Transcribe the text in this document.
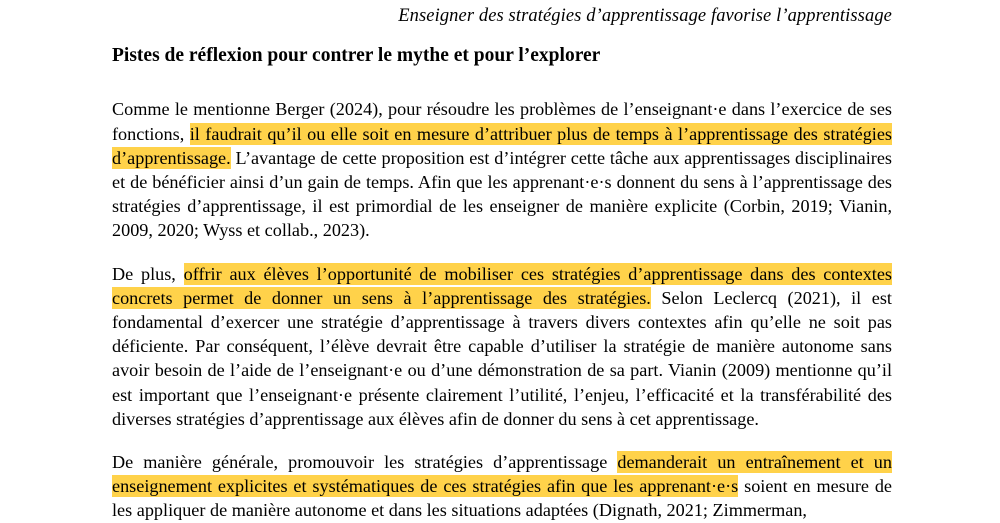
Enseigner des stratégies d’apprentissage favorise l’apprentissage
Pistes de réflexion pour contrer le mythe et pour l’explorer

Comme le mentionne Berger (2024), pour résoudre les problèmes de l’enseignant·e dans l’exercice de ses fonctions, il faudrait qu’il ou elle soit en mesure d’attribuer plus de temps à l’apprentissage des stratégies d’apprentissage. L’avantage de cette proposition est d’intégrer cette tâche aux apprentissages disciplinaires et de bénéficier ainsi d’un gain de temps. Afin que les apprenant·e·s donnent du sens à l’apprentissage des stratégies d’apprentissage, il est primordial de les enseigner de manière explicite (Corbin, 2019; Vianin, 2009, 2020; Wyss et collab., 2023).

De plus, offrir aux élèves l’opportunité de mobiliser ces stratégies d’apprentissage dans des contextes concrets permet de donner un sens à l’apprentissage des stratégies. Selon Leclercq (2021), il est fondamental d’exercer une stratégie d’apprentissage à travers divers contextes afin qu’elle ne soit pas déficiente. Par conséquent, l’élève devrait être capable d’utiliser la stratégie de manière autonome sans avoir besoin de l’aide de l’enseignant·e ou d’une démonstration de sa part. Vianin (2009) mentionne qu’il est important que l’enseignant·e présente clairement l’utilité, l’enjeu, l’efficacité et la transférabilité des diverses stratégies d’apprentissage aux élèves afin de donner du sens à cet apprentissage.

De manière générale, promouvoir les stratégies d’apprentissage demanderait un entraînement et un enseignement explicites et systématiques de ces stratégies afin que les apprenant·e·s soient en mesure de les appliquer de manière autonome et dans les situations adaptées (Dignath, 2021; Zimmerman,
